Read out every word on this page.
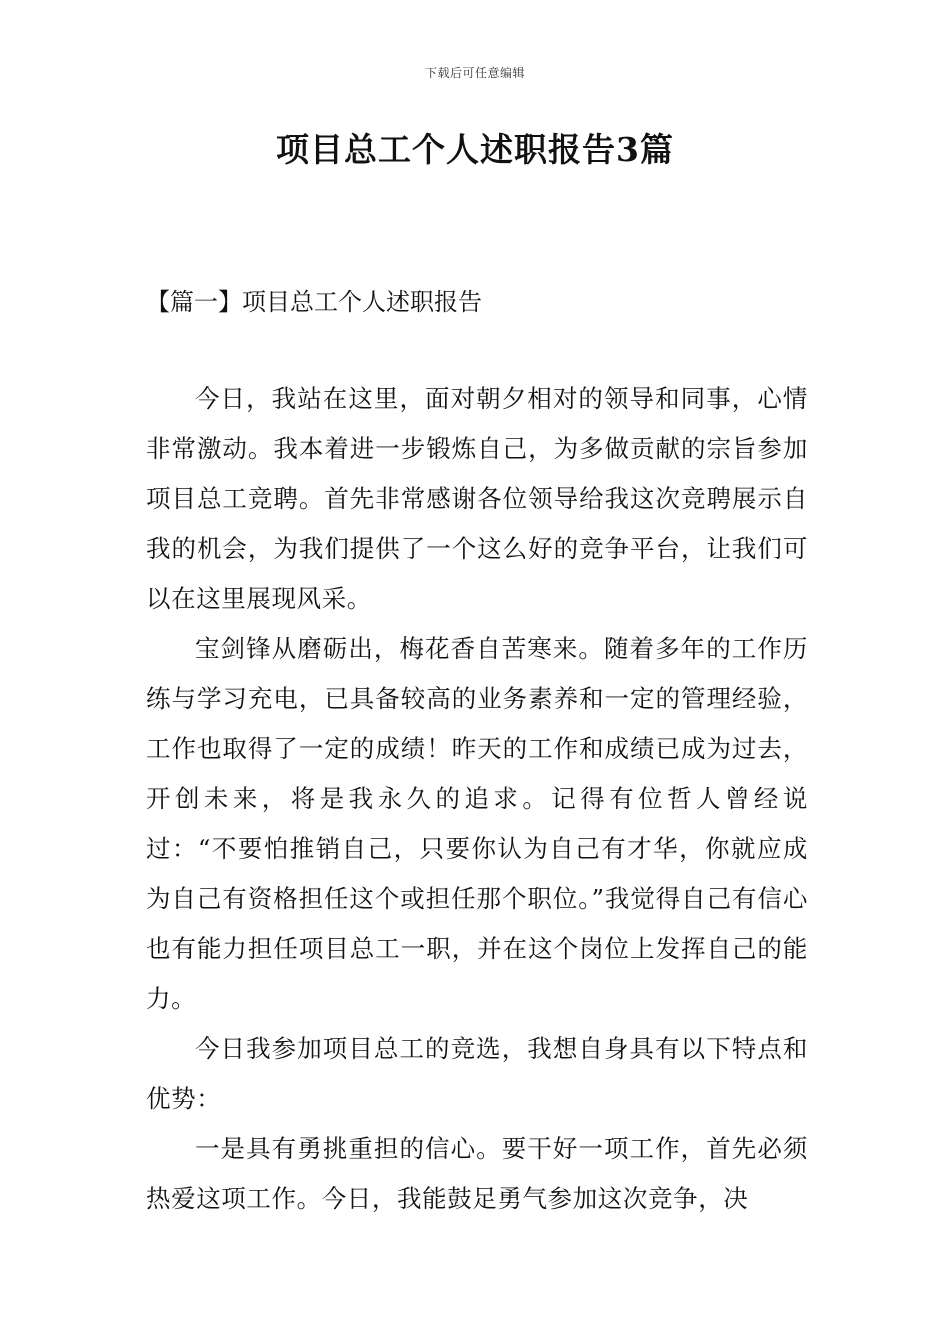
下载后可任意编辑
项目总工个人述职报告3篇
【篇一】项目总工个人述职报告

今日，我站在这里，面对朝夕相对的领导和同事，心情非常激动。我本着进一步锻炼自己，为多做贡献的宗旨参加项目总工竞聘。首先非常感谢各位领导给我这次竞聘展示自我的机会，为我们提供了一个这么好的竞争平台，让我们可以在这里展现风采。

宝剑锋从磨砺出，梅花香自苦寒来。随着多年的工作历练与学习充电，已具备较高的业务素养和一定的管理经验，工作也取得了一定的成绩！昨天的工作和成绩已成为过去，开创未来，将是我永久的追求。记得有位哲人曾经说过：“不要怕推销自己，只要你认为自己有才华，你就应成为自己有资格担任这个或担任那个职位。”我觉得自己有信心也有能力担任项目总工一职，并在这个岗位上发挥自己的能力。

今日我参加项目总工的竞选，我想自身具有以下特点和优势：

一是具有勇挑重担的信心。要干好一项工作，首先必须热爱这项工作。今日，我能鼓足勇气参加这次竞争，决
